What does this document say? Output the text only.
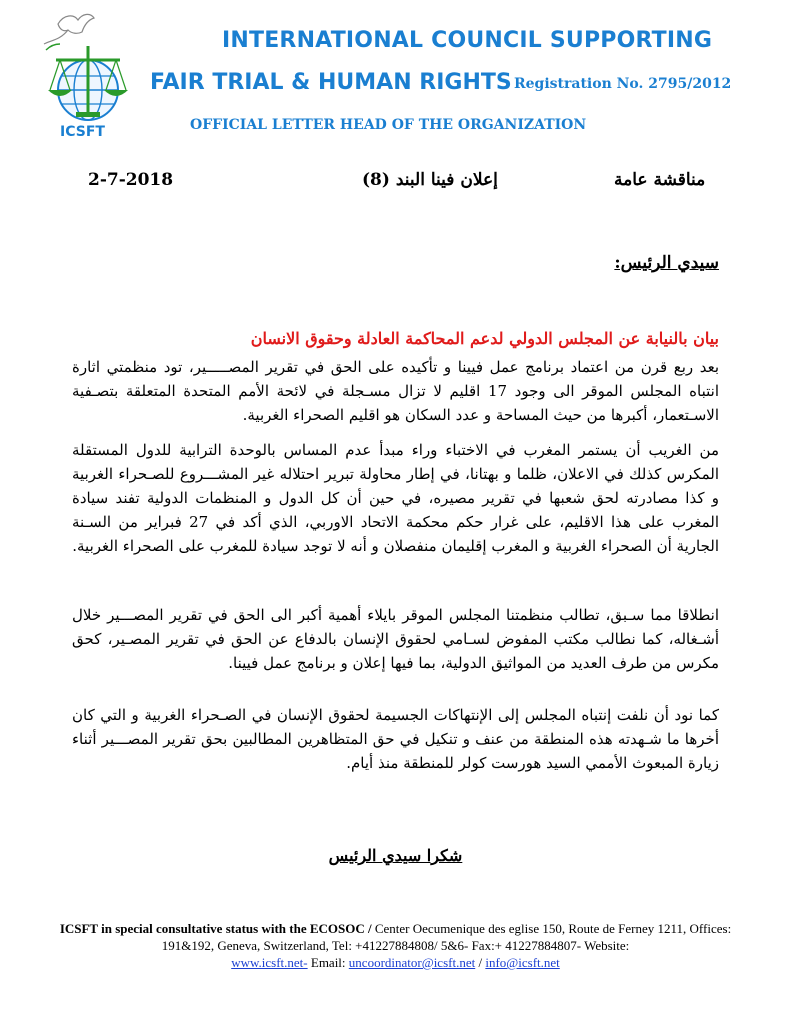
ICSFT
INTERNATIONAL COUNCIL SUPPORTING
FAIR TRIAL & HUMAN RIGHTS Registration No. 2795/2012
OFFICIAL LETTER HEAD OF THE ORGANIZATION
2-7-2018	إعلان فينا البند (8)	مناقشة عامة
سيدي الرئيس:
بيان بالنيابة عن المجلس الدولي لدعم المحاكمة العادلة وحقوق الانسان
بعد ربع قرن من اعتماد برنامج عمل فيينا و تأكيده على الحق في تقرير المصـــــير، تود منظمتي اثارة انتباه المجلس الموقر الى وجود 17 اقليم لا تزال مسـجلة في لائحة الأمم المتحدة المتعلقة بتصـفية الاسـتعمار، أكبرها من حيث المساحة و عدد السكان هو اقليم الصحراء الغربية.
من الغريب أن يستمر المغرب في الاختباء وراء مبدأ عدم المساس بالوحدة الترابية للدول المستقلة المكرس كذلك في الاعلان، ظلما و بهتانا، في إطار محاولة تبرير احتلاله غير المشـــروع للصـحراء الغربية و كذا مصادرته لحق شعبها في تقرير مصيره، في حين أن كل الدول و المنظمات الدولية تفند سيادة المغرب على هذا الاقليم، على غرار حكم محكمة الاتحاد الاوربي، الذي أكد في 27 فبراير من السـنة الجارية أن الصحراء الغربية و المغرب إقليمان منفصلان و أنه لا توجد سيادة للمغرب على الصحراء الغربية.
انطلاقا مما سـبق، تطالب منظمتنا المجلس الموقر بايلاء أهمية أكبر الى الحق في تقرير المصـــير خلال أشـغاله، كما نطالب مكتب المفوض لسـامي لحقوق الإنسان بالدفاع عن الحق في تقرير المصـير، كحق مكرس من طرف العديد من المواثيق الدولية، بما فيها إعلان و برنامج عمل فيينا.
كما نود أن نلفت إنتباه المجلس إلى الإنتهاكات الجسيمة لحقوق الإنسان في الصـحراء الغربية و التي كان أخرها ما شـهدته هذه المنطقة من عنف و تنكيل في حق المتظاهرين المطالبين بحق تقرير المصـــير أثناء زيارة المبعوث الأممي السيد هورست كولر للمنطقة منذ أيام.
شكرا سيدي الرئيس
ICSFT in special consultative status with the ECOSOC / Center Oecumenique des eglise 150, Route de Ferney 1211, Offices: 191&192, Geneva, Switzerland, Tel: +41227884808/ 5&6- Fax:+ 41227884807- Website:
www.icsft.net- Email: uncoordinator@icsft.net / info@icsft.net
